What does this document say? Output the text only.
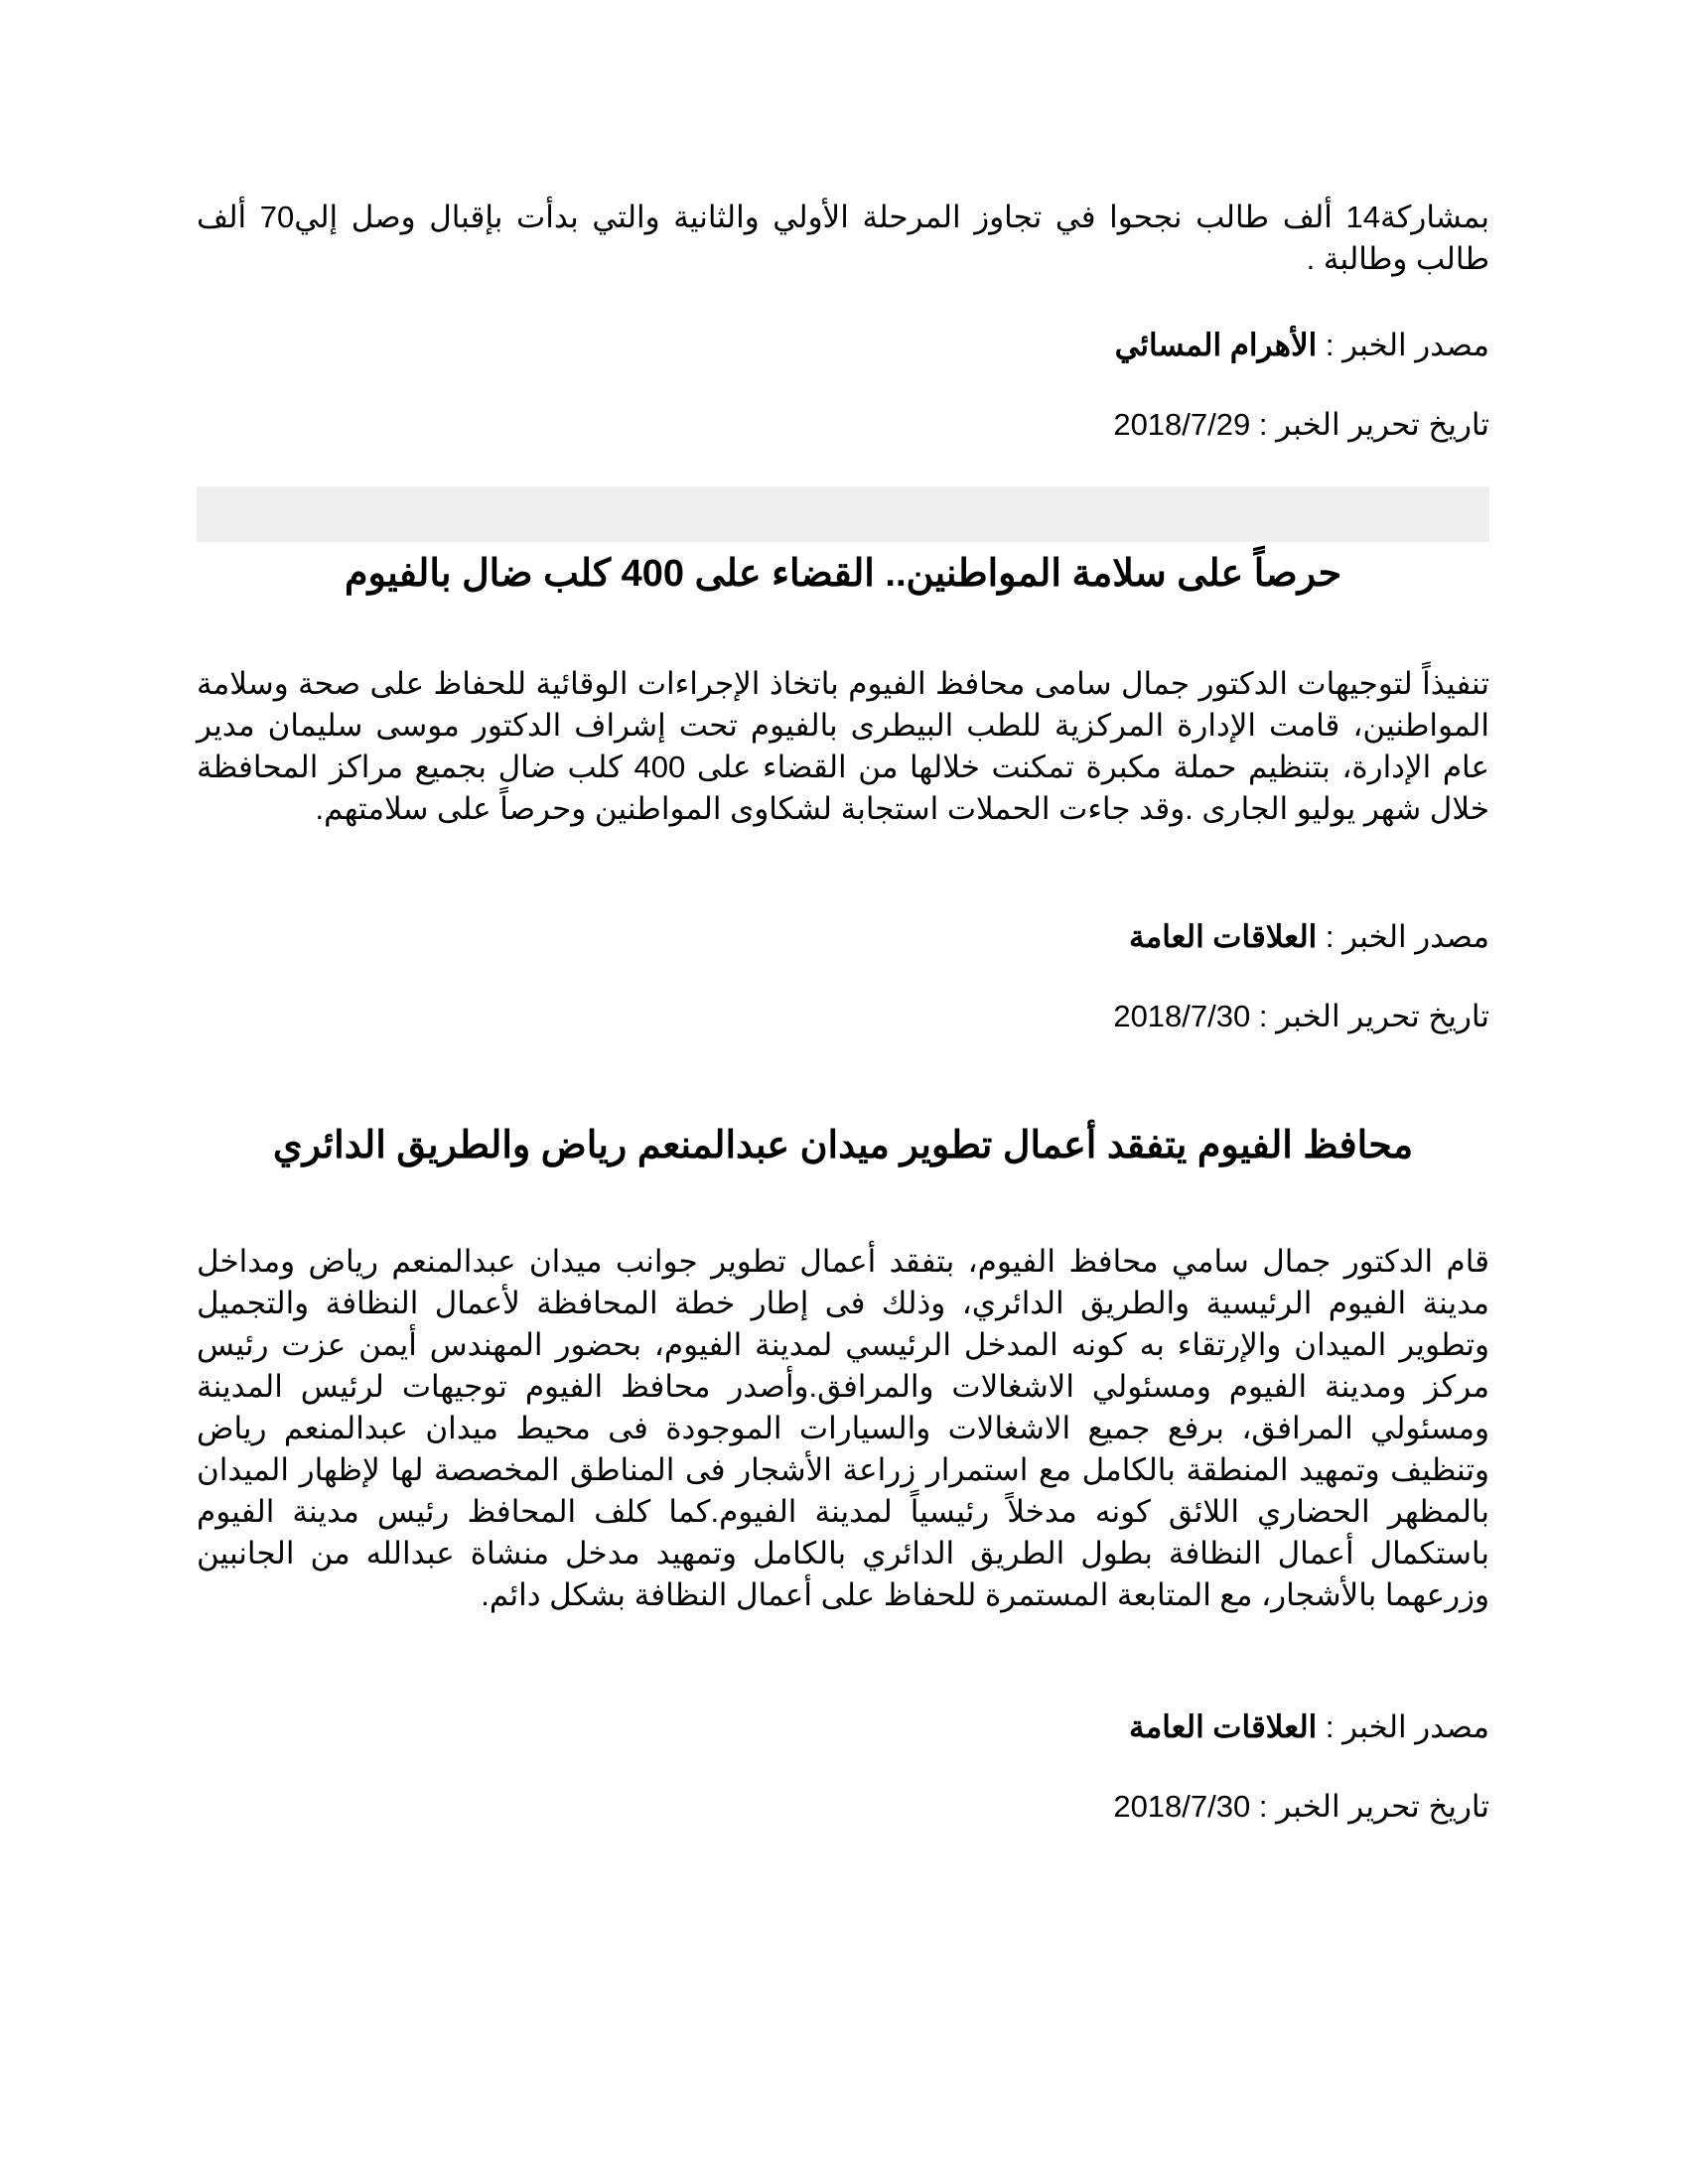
بمشاركة14 ألف طالب نجحوا في تجاوز المرحلة الأولي والثانية والتي بدأت بإقبال وصل إلي70 ألف طالب وطالبة .

مصدر الخبر : الأهرام المسائي

تاريخ تحرير الخبر : 2018/7/29

حرصاً على سلامة المواطنين.. القضاء على 400 كلب ضال بالفيوم

تنفيذاً لتوجيهات الدكتور جمال سامى محافظ الفيوم باتخاذ الإجراءات الوقائية للحفاظ على صحة وسلامة المواطنين، قامت الإدارة المركزية للطب البيطرى بالفيوم تحت إشراف الدكتور موسى سليمان مدير عام الإدارة، بتنظيم حملة مكبرة تمكنت خلالها من القضاء على 400 كلب ضال بجميع مراكز المحافظة خلال شهر يوليو الجارى .وقد جاءت الحملات استجابة لشكاوى المواطنين وحرصاً على سلامتهم.

مصدر الخبر : العلاقات العامة

تاريخ تحرير الخبر : 2018/7/30

محافظ الفيوم يتفقد أعمال تطوير ميدان عبدالمنعم رياض والطريق الدائري

قام الدكتور جمال سامي محافظ الفيوم، بتفقد أعمال تطوير جوانب ميدان عبدالمنعم رياض ومداخل مدينة الفيوم الرئيسية والطريق الدائري، وذلك فى إطار خطة المحافظة لأعمال النظافة والتجميل وتطوير الميدان والإرتقاء به كونه المدخل الرئيسي لمدينة الفيوم، بحضور المهندس أيمن عزت رئيس مركز ومدينة الفيوم ومسئولي الاشغالات والمرافق.وأصدر محافظ الفيوم توجيهات لرئيس المدينة ومسئولي المرافق، برفع جميع الاشغالات والسيارات الموجودة فى محيط ميدان عبدالمنعم رياض وتنظيف وتمهيد المنطقة بالكامل مع استمرار زراعة الأشجار فى المناطق المخصصة لها لإظهار الميدان بالمظهر الحضاري اللائق كونه مدخلاً رئيسياً لمدينة الفيوم.كما كلف المحافظ رئيس مدينة الفيوم باستكمال أعمال النظافة بطول الطريق الدائري بالكامل وتمهيد مدخل منشاة عبدالله من الجانبين وزرعهما بالأشجار، مع المتابعة المستمرة للحفاظ على أعمال النظافة بشكل دائم.

مصدر الخبر : العلاقات العامة

تاريخ تحرير الخبر : 2018/7/30
